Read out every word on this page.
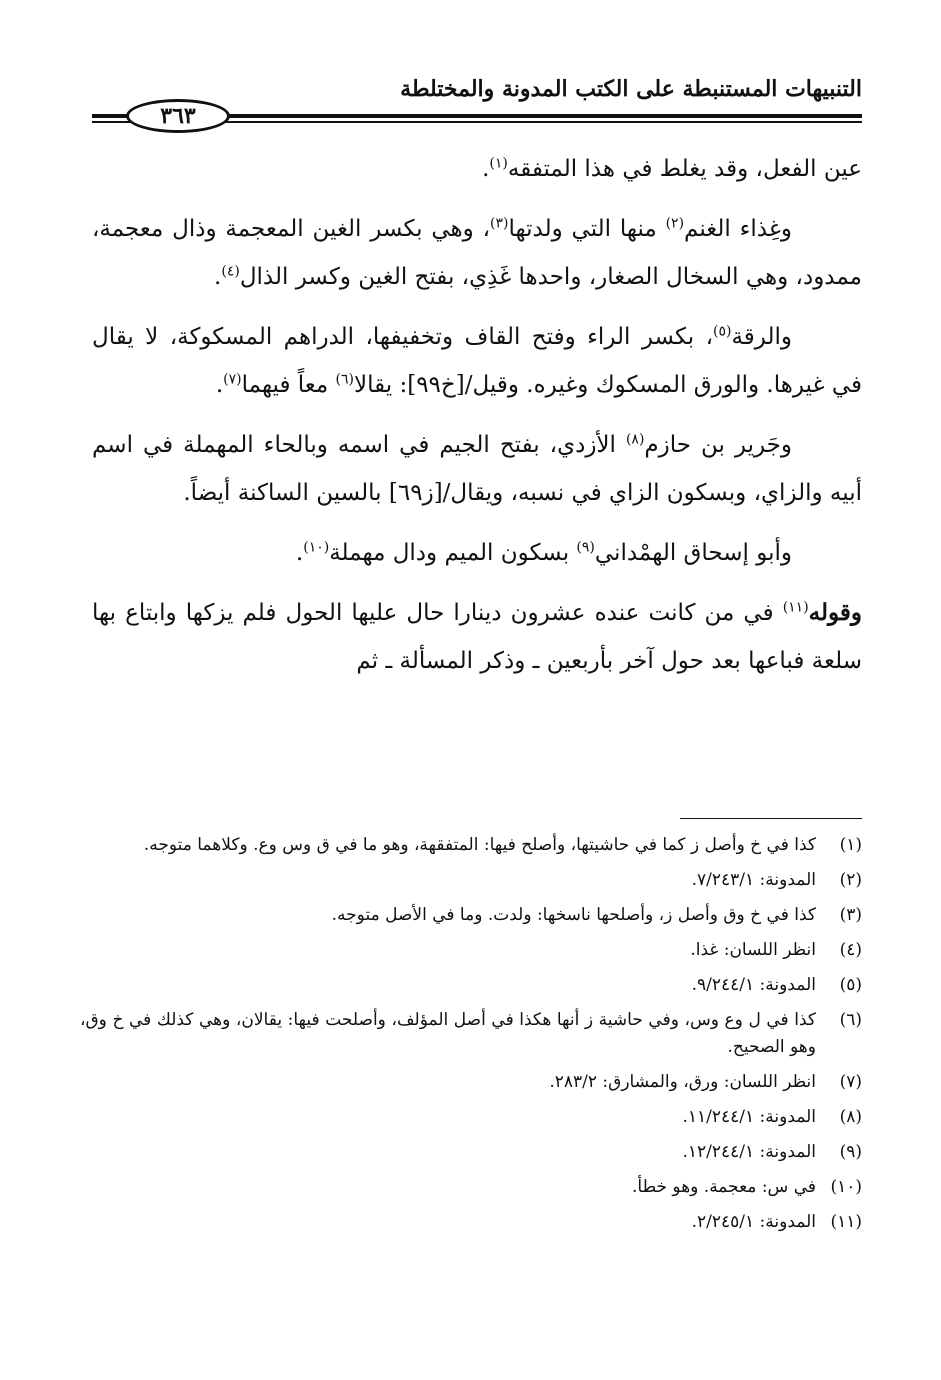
التنبيهات المستنبطة على الكتب المدونة والمختلطة
٣٦٣

عين الفعل، وقد يغلط في هذا المتفقه$^{(١)}$.

وغِذاء الغنم$^{(٢)}$ منها التي ولدتها$^{(٣)}$، وهي بكسر الغين المعجمة وذال معجمة، ممدود، وهي السخال الصغار، واحدها غَذِي، بفتح الغين وكسر الذال$^{(٤)}$.

والرقة$^{(٥)}$، بكسر الراء وفتح القاف وتخفيفها، الدراهم المسكوكة، لا يقال في غيرها. والورق المسكوك وغيره. وقيل/[خ٩٩]: يقالا$^{(٦)}$ معاً فيهما$^{(٧)}$.

وجَرير بن حازم$^{(٨)}$ الأزدي، بفتح الجيم في اسمه وبالحاء المهملة في اسم أبيه والزاي، وبسكون الزاي في نسبه، ويقال/[ز٦٩] بالسين الساكنة أيضاً.

وأبو إسحاق الهمْداني$^{(٩)}$ بسكون الميم ودال مهملة$^{(١٠)}$.

وقوله$^{(١١)}$ في من كانت عنده عشرون دينارا حال عليها الحول فلم يزكها وابتاع بها سلعة فباعها بعد حول آخر بأربعين ـ وذكر المسألة ـ ثم

(١)
كذا في خ وأصل ز كما في حاشيتها، وأصلح فيها: المتفقهة، وهو ما في ق وس وع. وكلاهما متوجه.
(٢)
المدونة: ٧/٢٤٣/١.
(٣)
كذا في خ وق وأصل ز، وأصلحها ناسخها: ولدت. وما في الأصل متوجه.
(٤)
انظر اللسان: غذا.
(٥)
المدونة: ٩/٢٤٤/١.
(٦)
كذا في ل وع وس، وفي حاشية ز أنها هكذا في أصل المؤلف، وأصلحت فيها: يقالان، وهي كذلك في خ وق، وهو الصحيح.
(٧)
انظر اللسان: ورق، والمشارق: ٢٨٣/٢.
(٨)
المدونة: ١١/٢٤٤/١.
(٩)
المدونة: ١٢/٢٤٤/١.
(١٠)
في س: معجمة. وهو خطأ.
(١١)
المدونة: ٢/٢٤٥/١.
